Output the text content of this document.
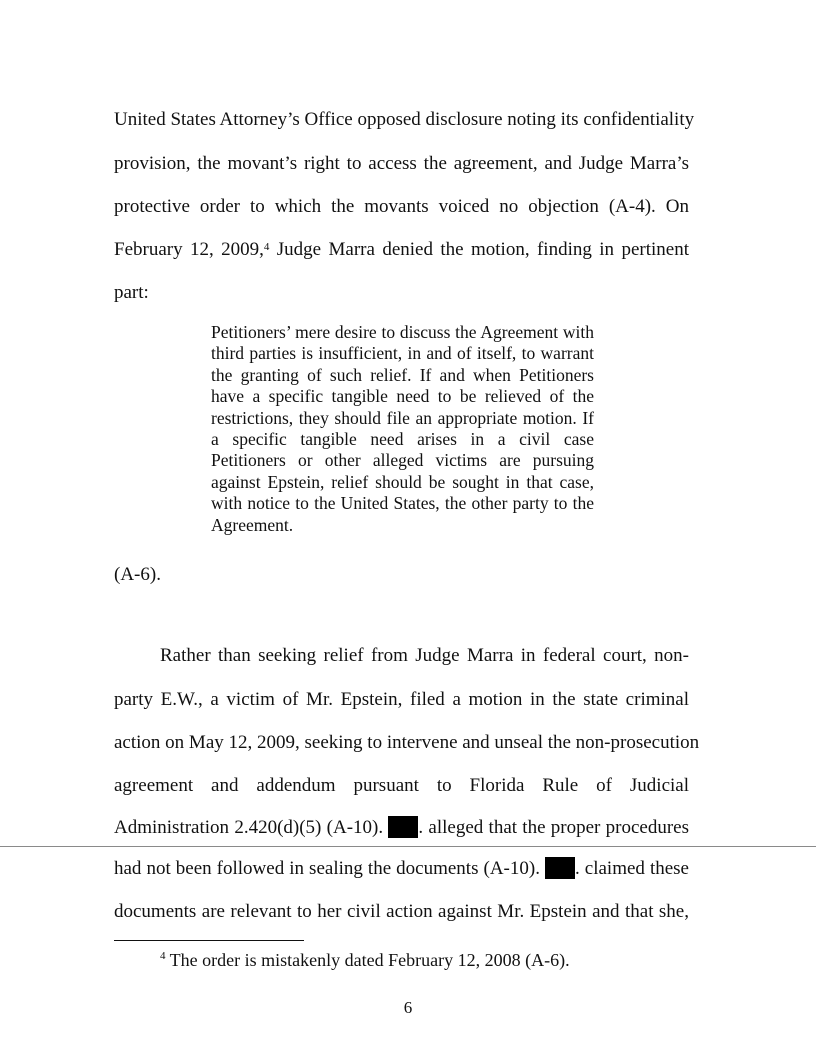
United States Attorney’s Office opposed disclosure noting its confidentiality
provision, the movant’s right to access the agreement, and Judge Marra’s
protective order to which the movants voiced no objection (A-4). On
February 12, 2009,$^4$ Judge Marra denied the motion, finding in pertinent
part:
Petitioners’ mere desire to discuss the Agreement with third parties is insufficient, in and of itself, to warrant the granting of such relief. If and when Petitioners have a specific tangible need to be relieved of the restrictions, they should file an appropriate motion. If a specific tangible need arises in a civil case Petitioners or other alleged victims are pursuing against Epstein, relief should be sought in that case, with notice to the United States, the other party to the Agreement.
(A-6).
Rather than seeking relief from Judge Marra in federal court, non-
party E.W., a victim of Mr. Epstein, filed a motion in the state criminal
action on May 12, 2009, seeking to intervene and unseal the non-prosecution
agreement and addendum pursuant to Florida Rule of Judicial
Administration 2.420(d)(5) (A-10). . alleged that the proper procedures
had not been followed in sealing the documents (A-10). . claimed these
documents are relevant to her civil action against Mr. Epstein and that she,
$^4$ The order is mistakenly dated February 12, 2008 (A-6).
6
